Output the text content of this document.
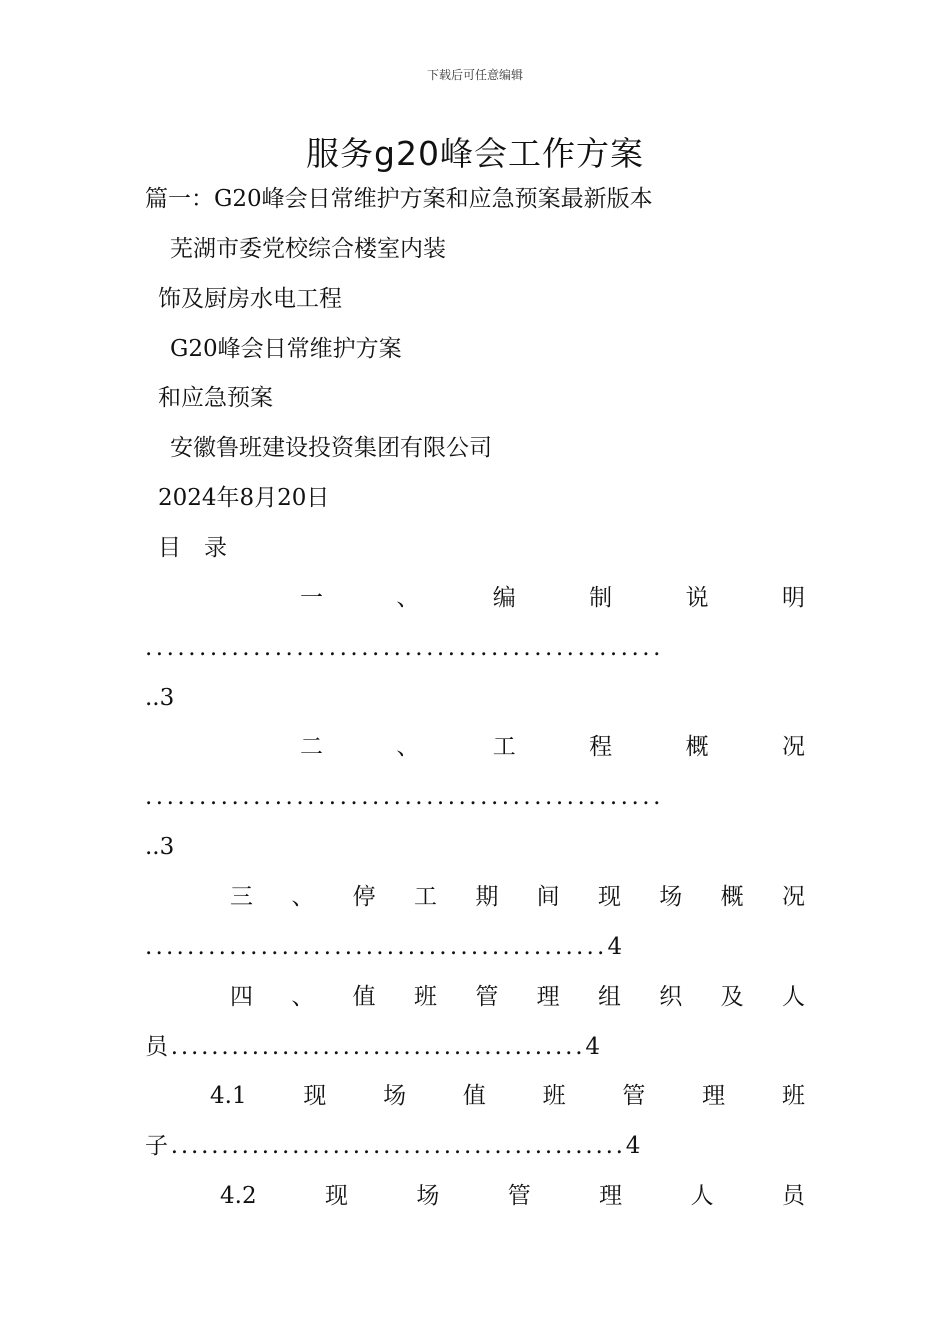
下载后可任意编辑
服务g20峰会工作方案
篇一：G20峰会日常维护方案和应急预案最新版本
芜湖市委党校综合楼室内装
饰及厨房水电工程
G20峰会日常维护方案
和应急预案
安徽鲁班建设投资集团有限公司
2024年8月20日
目　录
一	、	编	制	说	明
................................................
..3
二	、	工	程	概	况
................................................
..3
三 、 停 工 期 间 现 场 概 况
............................................4
四 、 值 班 管 理 组 织 及 人
员.........................................4
4.1 现 场 值 班 管 理 班
子.............................................4
4.2	现	场	管	理	人	员
